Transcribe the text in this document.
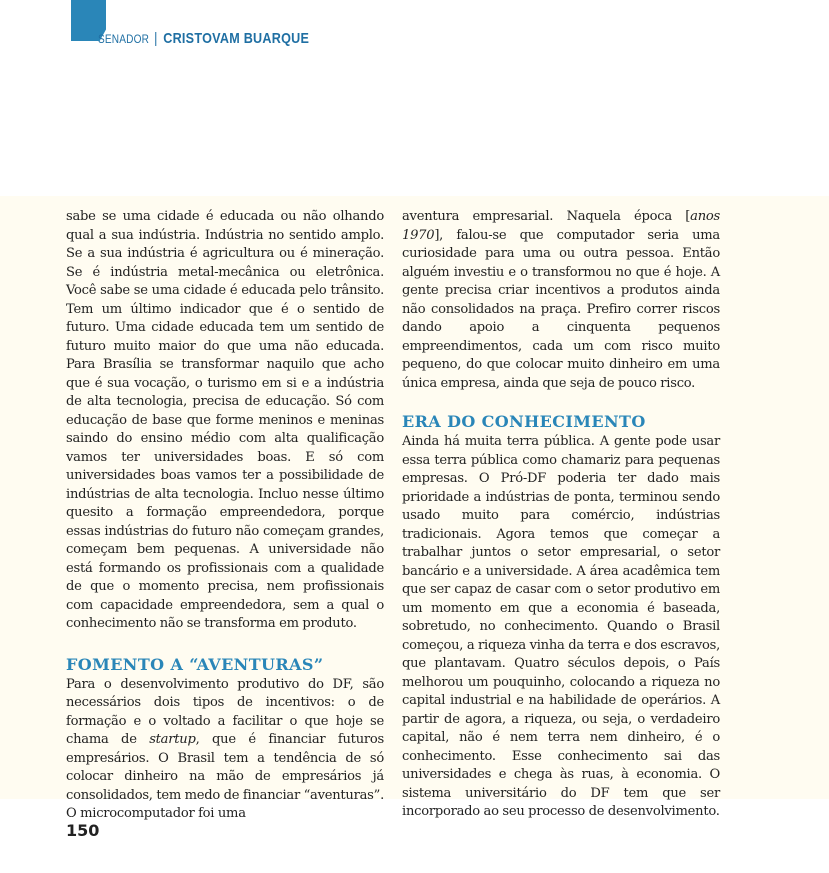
SENADOR | CRISTOVAM BUARQUE

sabe se uma cidade é educada ou não olhando qual a sua indústria. Indústria no sentido amplo. Se a sua indústria é agricultura ou é mineração. Se é indústria metal-mecânica ou eletrônica. Você sabe se uma cidade é educada pelo trânsito. Tem um último indicador que é o sentido de futuro. Uma cidade educada tem um sentido de futuro muito maior do que uma não educada. Para Brasília se transformar naquilo que acho que é sua vocação, o turismo em si e a indústria de alta tecnologia, precisa de educação. Só com educação de base que forme meninos e meninas saindo do ensino médio com alta qualificação vamos ter universidades boas. E só com universidades boas vamos ter a possibilidade de indústrias de alta tecnologia. Incluo nesse último quesito a formação empreendedora, porque essas indústrias do futuro não começam grandes, começam bem pequenas. A universidade não está formando os profissionais com a qualidade de que o momento precisa, nem profissionais com capacidade empreendedora, sem a qual o conhecimento não se transforma em produto.

FOMENTO A “AVENTURAS”

Para o desenvolvimento produtivo do DF, são necessários dois tipos de incentivos: o de formação e o voltado a facilitar o que hoje se chama de startup, que é financiar futuros empresários. O Brasil tem a tendência de só colocar dinheiro na mão de empresários já consolidados, tem medo de financiar “aventuras”. O microcomputador foi uma

aventura empresarial. Naquela época [anos 1970], falou-se que computador seria uma curiosidade para uma ou outra pessoa. Então alguém investiu e o transformou no que é hoje. A gente precisa criar incentivos a produtos ainda não consolidados na praça. Prefiro correr riscos dando apoio a cinquenta pequenos empreendimentos, cada um com risco muito pequeno, do que colocar muito dinheiro em uma única empresa, ainda que seja de pouco risco.

ERA DO CONHECIMENTO

Ainda há muita terra pública. A gente pode usar essa terra pública como chamariz para pequenas empresas. O Pró-DF poderia ter dado mais prioridade a indústrias de ponta, terminou sendo usado muito para comércio, indústrias tradicionais. Agora temos que começar a trabalhar juntos o setor empresarial, o setor bancário e a universidade. A área acadêmica tem que ser capaz de casar com o setor produtivo em um momento em que a economia é baseada, sobretudo, no conhecimento. Quando o Brasil começou, a riqueza vinha da terra e dos escravos, que plantavam. Quatro séculos depois, o País melhorou um pouquinho, colocando a riqueza no capital industrial e na habilidade de operários. A partir de agora, a riqueza, ou seja, o verdadeiro capital, não é nem terra nem dinheiro, é o conhecimento. Esse conhecimento sai das universidades e chega às ruas, à economia. O sistema universitário do DF tem que ser incorporado ao seu processo de desenvolvimento.

150
